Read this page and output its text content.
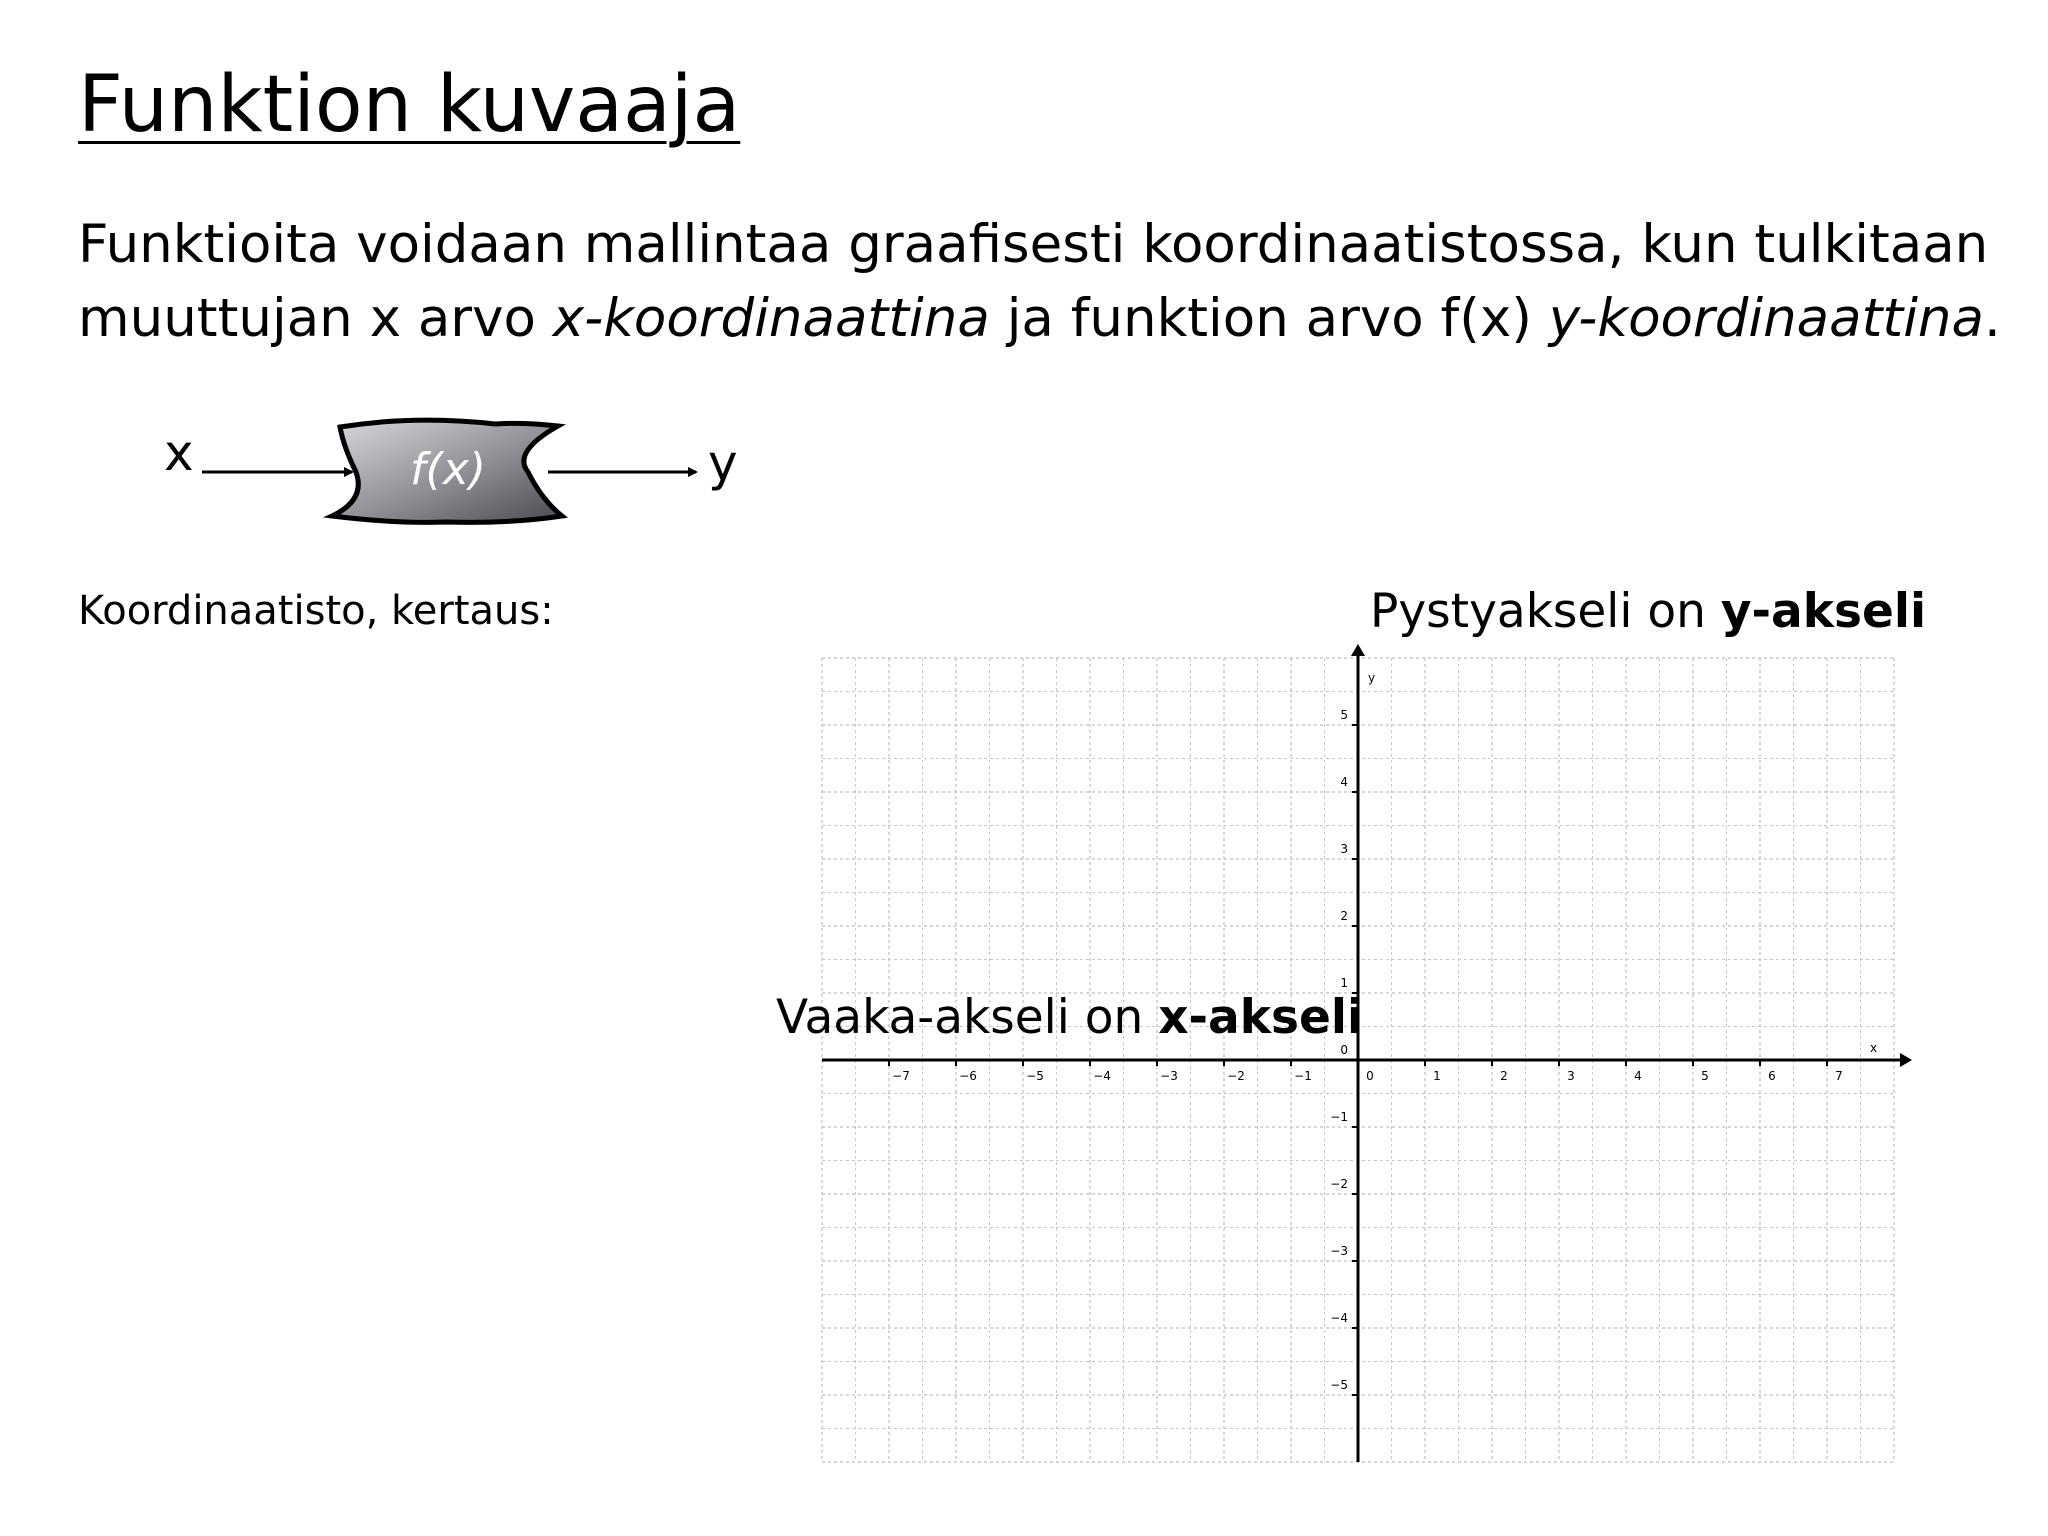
Funktion kuvaaja

Funktioita voidaan mallintaa graafisesti koordinaatistossa, kun tulkitaan
muuttujan x arvo x-koordinaattina ja funktion arvo f(x) y-koordinaattina.

x	f(x)	y

Koordinaatisto, kertaus:

x
y
−7	−6	−5	−4	−3	−2	−1	0	1	2	3	4	5	6	7
5
4
3
2
1
0
−1
−2
−3
−4
−5
Pystyakseli on y-akseli
Vaaka-akseli on x-akseli
